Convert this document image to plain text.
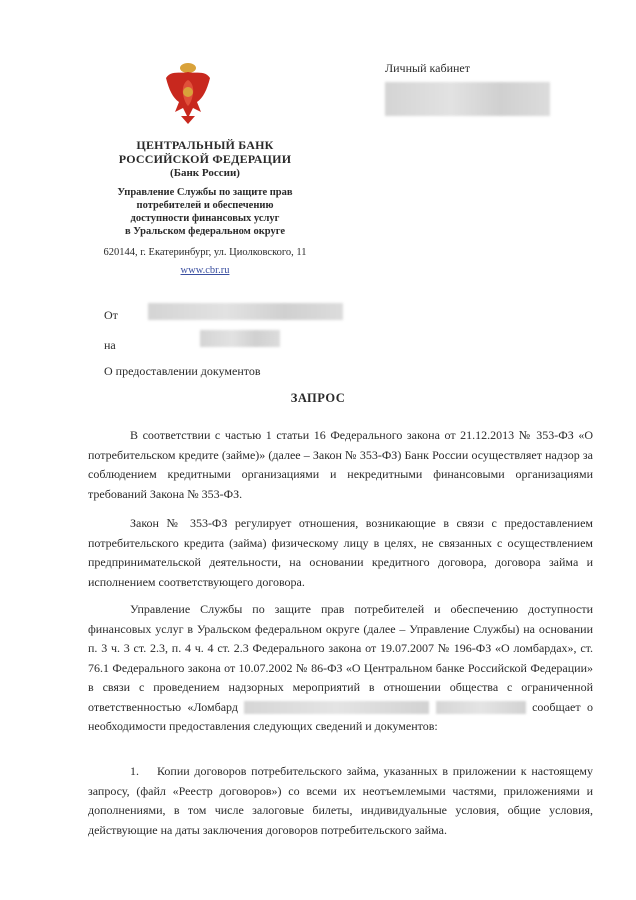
ЦЕНТРАЛЬНЫЙ БАНК
РОССИЙСКОЙ ФЕДЕРАЦИИ
(Банк России)
Управление Службы по защите прав
потребителей и обеспечению
доступности финансовых услуг
в Уральском федеральном округе
620144, г. Екатеринбург, ул. Циолковского, 11
www.cbr.ru
Личный кабинет
От
на
О предоставлении документов
ЗАПРОС

В соответствии с частью 1 статьи 16 Федерального закона от 21.12.2013 № 353-ФЗ «О потребительском кредите (займе)» (далее – Закон № 353-ФЗ) Банк России осуществляет надзор за соблюдением кредитными организациями и некредитными финансовыми организациями требований Закона № 353-ФЗ.

Закон № 353-ФЗ регулирует отношения, возникающие в связи с предоставлением потребительского кредита (займа) физическому лицу в целях, не связанных с осуществлением предпринимательской деятельности, на основании кредитного договора, договора займа и исполнением соответствующего договора.

Управление Службы по защите прав потребителей и обеспечению доступности финансовых услуг в Уральском федеральном округе (далее – Управление Службы) на основании п. 3 ч. 3 ст. 2.3, п. 4 ч. 4 ст. 2.3 Федерального закона от 19.07.2007 № 196-ФЗ «О ломбардах», ст. 76.1 Федерального закона от 10.07.2002 № 86-ФЗ «О Центральном банке Российской Федерации» в связи с проведением надзорных мероприятий в отношении общества с ограниченной ответственностью «Ломбард	сообщает о необходимости предоставления следующих сведений и документов:

1. Копии договоров потребительского займа, указанных в приложении к настоящему запросу, (файл «Реестр договоров») со всеми их неотъемлемыми частями, приложениями и дополнениями, в том числе залоговые билеты, индивидуальные условия, общие условия, действующие на даты заключения договоров потребительского займа.
